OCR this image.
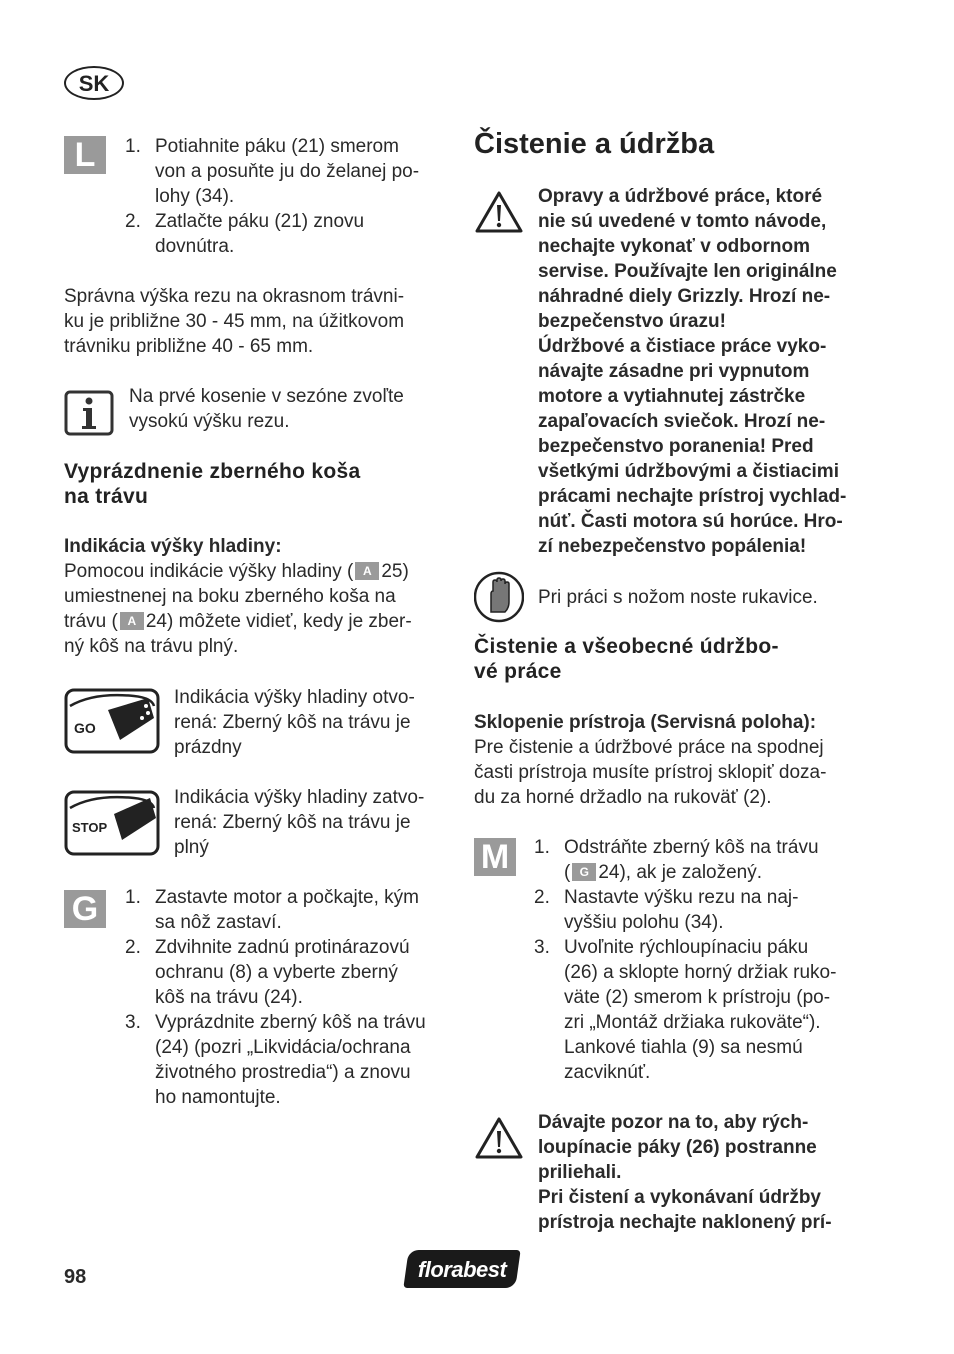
SK
L	1. Potiahnite páku (21) smerom
von a posuňte ju do želanej po-
lohy (34).
2. Zatlačte páku (21) znovu
dovnútra.
Správna výška rezu na okrasnom trávni-
ku je približne 30 - 45 mm, na úžitkovom
trávniku približne 40 - 65 mm.
Na prvé kosenie v sezóne zvoľte
vysokú výšku rezu.
Vyprázdnenie zberného koša
na trávu
Indikácia výšky hladiny:
Pomocou indikácie výšky hladiny ( A 25)
umiestnenej na boku zberného koša na
trávu ( A 24) môžete vidieť, kedy je zber-
ný kôš na trávu plný.
GO
Indikácia výšky hladiny otvo-
rená: Zberný kôš na trávu je
prázdny
STOP
Indikácia výšky hladiny zatvo-
rená: Zberný kôš na trávu je
plný
G	1. Zastavte motor a počkajte, kým
sa nôž zastaví.
2. Zdvihnite zadnú protinárazovú
ochranu (8) a vyberte zberný
kôš na trávu (24).
3. Vyprázdnite zberný kôš na trávu
(24) (pozri „Likvidácia/ochrana
životného prostredia“) a znovu
ho namontujte.
Čistenie a údržba
Opravy a údržbové práce, ktoré
nie sú uvedené v tomto návode,
nechajte vykonať v odbornom
servise. Používajte len originálne
náhradné diely Grizzly. Hrozí ne-
bezpečenstvo úrazu!
Údržbové a čistiace práce vyko-
návajte zásadne pri vypnutom
motore a vytiahnutej zástrčke
zapaľovacích sviečok. Hrozí ne-
bezpečenstvo poranenia! Pred
všetkými údržbovými a čistiacimi
prácami nechajte prístroj vychlad-
núť. Časti motora sú horúce. Hro-
zí nebezpečenstvo popálenia!
Pri práci s nožom noste rukavice.
Čistenie a všeobecné údržbo-
vé práce
Sklopenie prístroja (Servisná poloha):
Pre čistenie a údržbové práce na spodnej
časti prístroja musíte prístroj sklopiť doza-
du za horné držadlo na rukoväť (2).
M	1. Odstráňte zberný kôš na trávu
( G 24), ak je založený.
2. Nastavte výšku rezu na naj-
vyššiu polohu (34).
3. Uvoľnite rýchloupínaciu páku
(26) a sklopte horný držiak ruko-
väte (2) smerom k prístroju (po-
zri „Montáž držiaka rukoväte“).
Lankové tiahla (9) sa nesmú
zacviknúť.
Dávajte pozor na to, aby rých-
loupínacie páky (26) postranne
priliehali.
Pri čistení a vykonávaní údržby
prístroja nechajte naklonený prí-
98	florabest
